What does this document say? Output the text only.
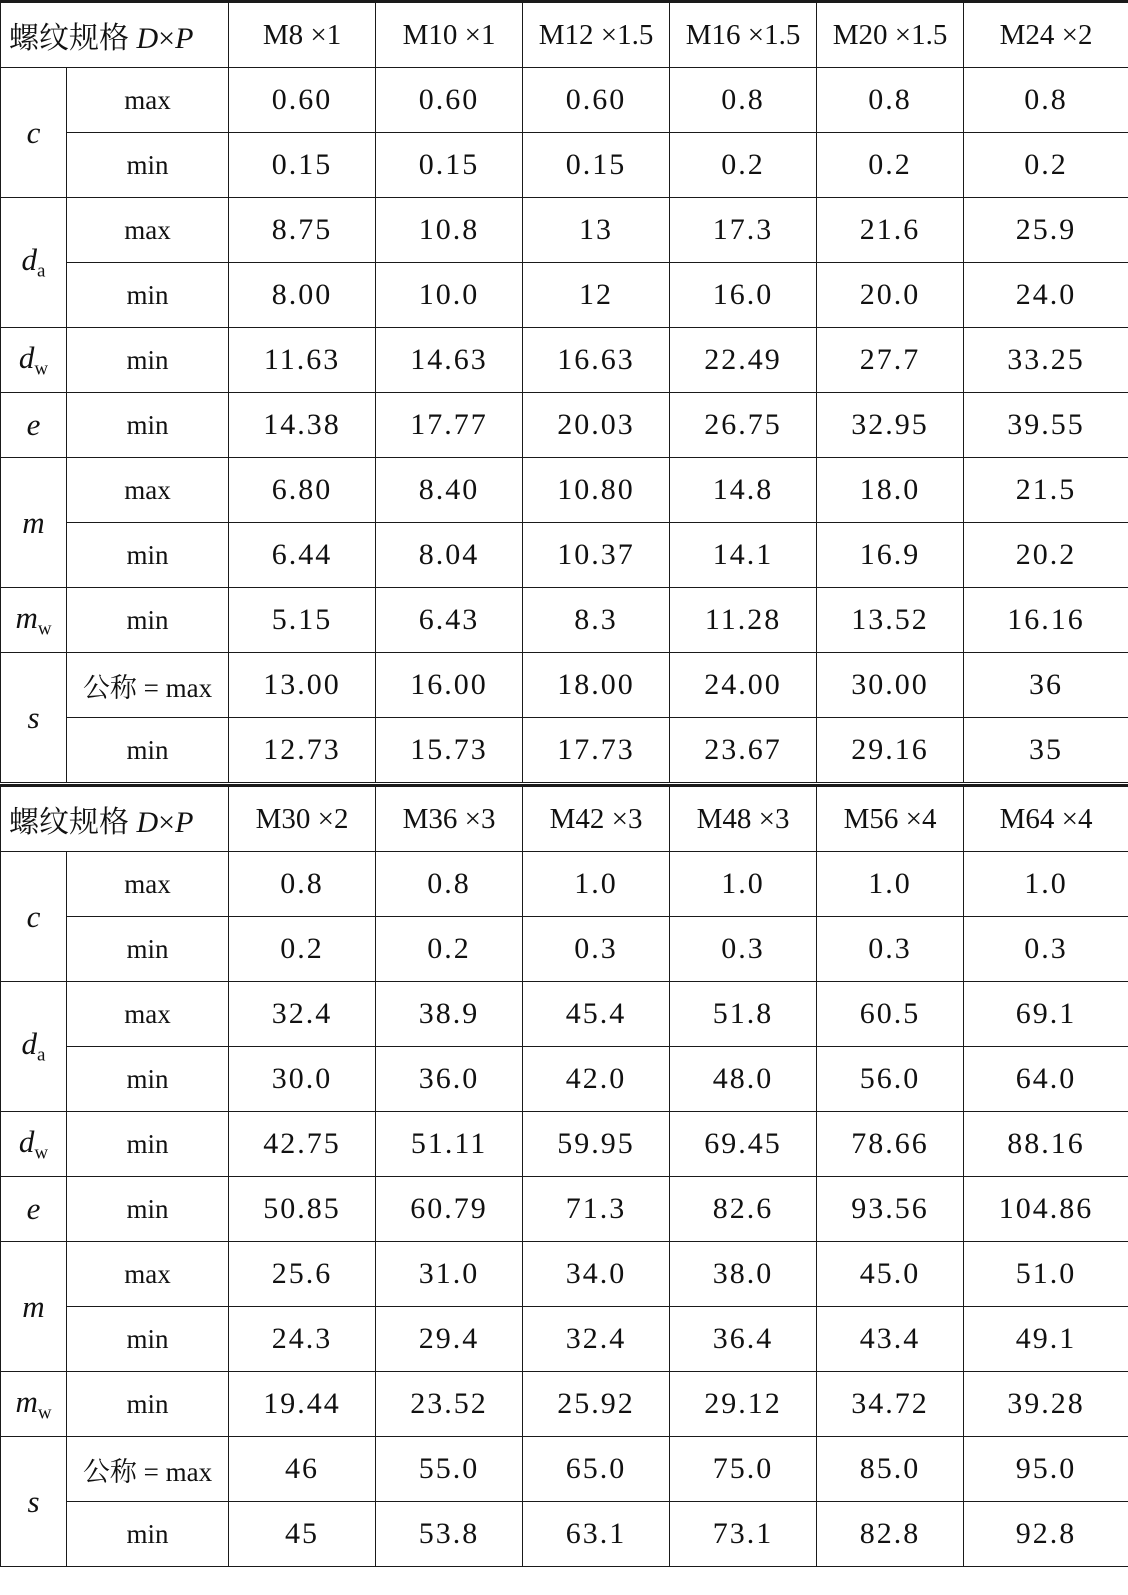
螺纹规格 D×P		M8 ×1	M10 ×1	M12 ×1.5	M16 ×1.5	M20 ×1.5	M24 ×2
c	max	0.60	0.60	0.60	0.8	0.8	0.8
	min	0.15	0.15	0.15	0.2	0.2	0.2
$d_a$	max	8.75	10.8	13	17.3	21.6	25.9
	min	8.00	10.0	12	16.0	20.0	24.0
$d_w$	min	11.63	14.63	16.63	22.49	27.7	33.25
e	min	14.38	17.77	20.03	26.75	32.95	39.55
m	max	6.80	8.40	10.80	14.8	18.0	21.5
	min	6.44	8.04	10.37	14.1	16.9	20.2
$m_w$	min	5.15	6.43	8.3	11.28	13.52	16.16
s	公称 = max	13.00	16.00	18.00	24.00	30.00	36
	min	12.73	15.73	17.73	23.67	29.16	35
螺纹规格 D×P		M30 ×2	M36 ×3	M42 ×3	M48 ×3	M56 ×4	M64 ×4
c	max	0.8	0.8	1.0	1.0	1.0	1.0
	min	0.2	0.2	0.3	0.3	0.3	0.3
$d_a$	max	32.4	38.9	45.4	51.8	60.5	69.1
	min	30.0	36.0	42.0	48.0	56.0	64.0
$d_w$	min	42.75	51.11	59.95	69.45	78.66	88.16
e	min	50.85	60.79	71.3	82.6	93.56	104.86
m	max	25.6	31.0	34.0	38.0	45.0	51.0
	min	24.3	29.4	32.4	36.4	43.4	49.1
$m_w$	min	19.44	23.52	25.92	29.12	34.72	39.28
s	公称 = max	46	55.0	65.0	75.0	85.0	95.0
	min	45	53.8	63.1	73.1	82.8	92.8
